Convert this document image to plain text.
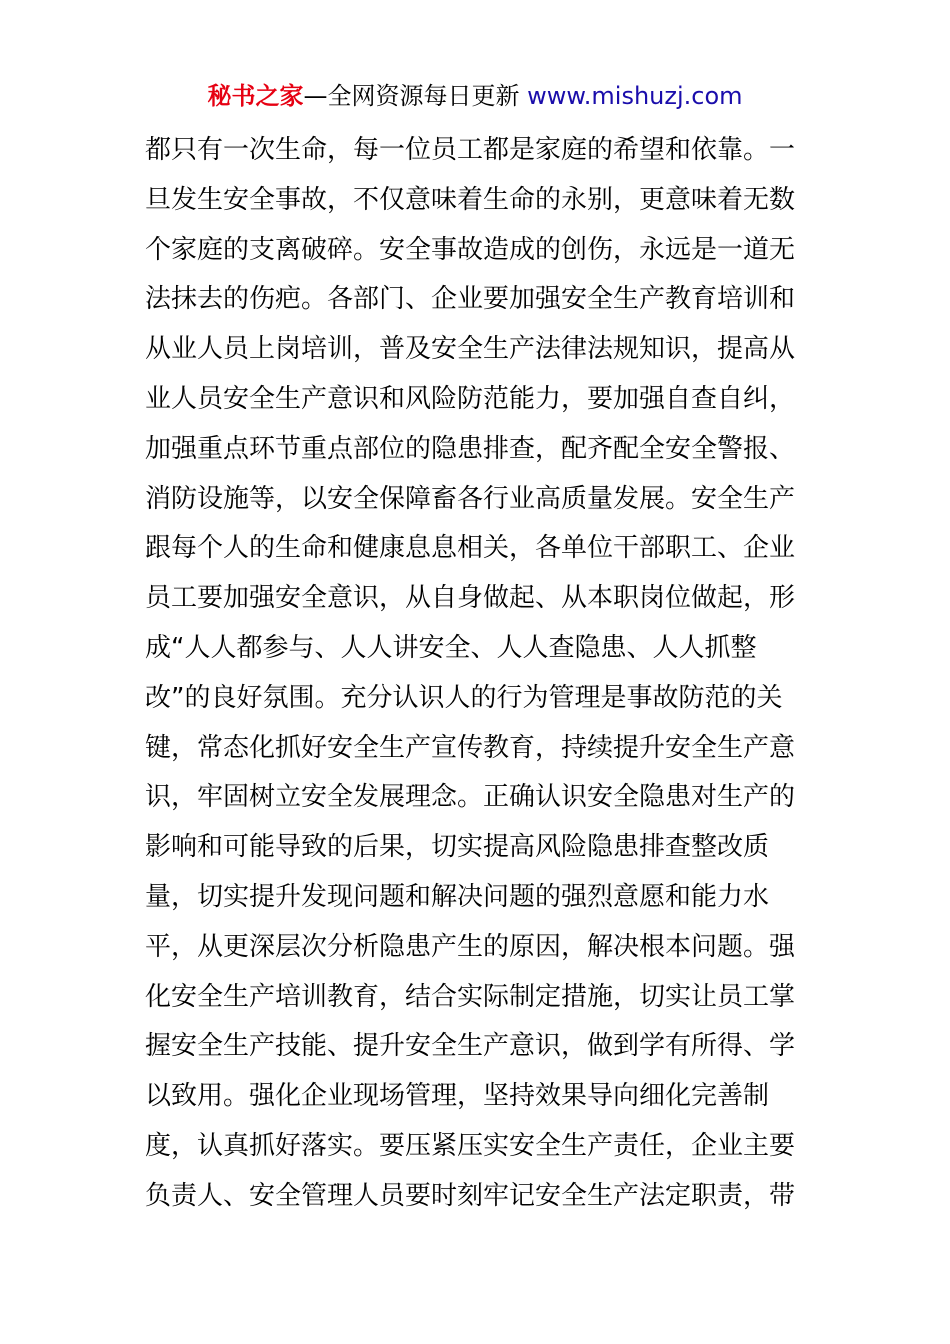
秘书之家—全网资源每日更新 www.mishuzj.com
都只有一次生命，每一位员工都是家庭的希望和依靠。一
旦发生安全事故，不仅意味着生命的永别，更意味着无数
个家庭的支离破碎。安全事故造成的创伤，永远是一道无
法抹去的伤疤。各部门、企业要加强安全生产教育培训和
从业人员上岗培训，普及安全生产法律法规知识，提高从
业人员安全生产意识和风险防范能力，要加强自查自纠，
加强重点环节重点部位的隐患排查，配齐配全安全警报、
消防设施等，以安全保障畜各行业高质量发展。安全生产
跟每个人的生命和健康息息相关，各单位干部职工、企业
员工要加强安全意识，从自身做起、从本职岗位做起，形
成“人人都参与、人人讲安全、人人查隐患、人人抓整
改”的良好氛围。充分认识人的行为管理是事故防范的关
键，常态化抓好安全生产宣传教育，持续提升安全生产意
识，牢固树立安全发展理念。正确认识安全隐患对生产的
影响和可能导致的后果，切实提高风险隐患排查整改质
量，切实提升发现问题和解决问题的强烈意愿和能力水
平，从更深层次分析隐患产生的原因，解决根本问题。强
化安全生产培训教育，结合实际制定措施，切实让员工掌
握安全生产技能、提升安全生产意识，做到学有所得、学
以致用。强化企业现场管理，坚持效果导向细化完善制
度，认真抓好落实。要压紧压实安全生产责任，企业主要
负责人、安全管理人员要时刻牢记安全生产法定职责，带
